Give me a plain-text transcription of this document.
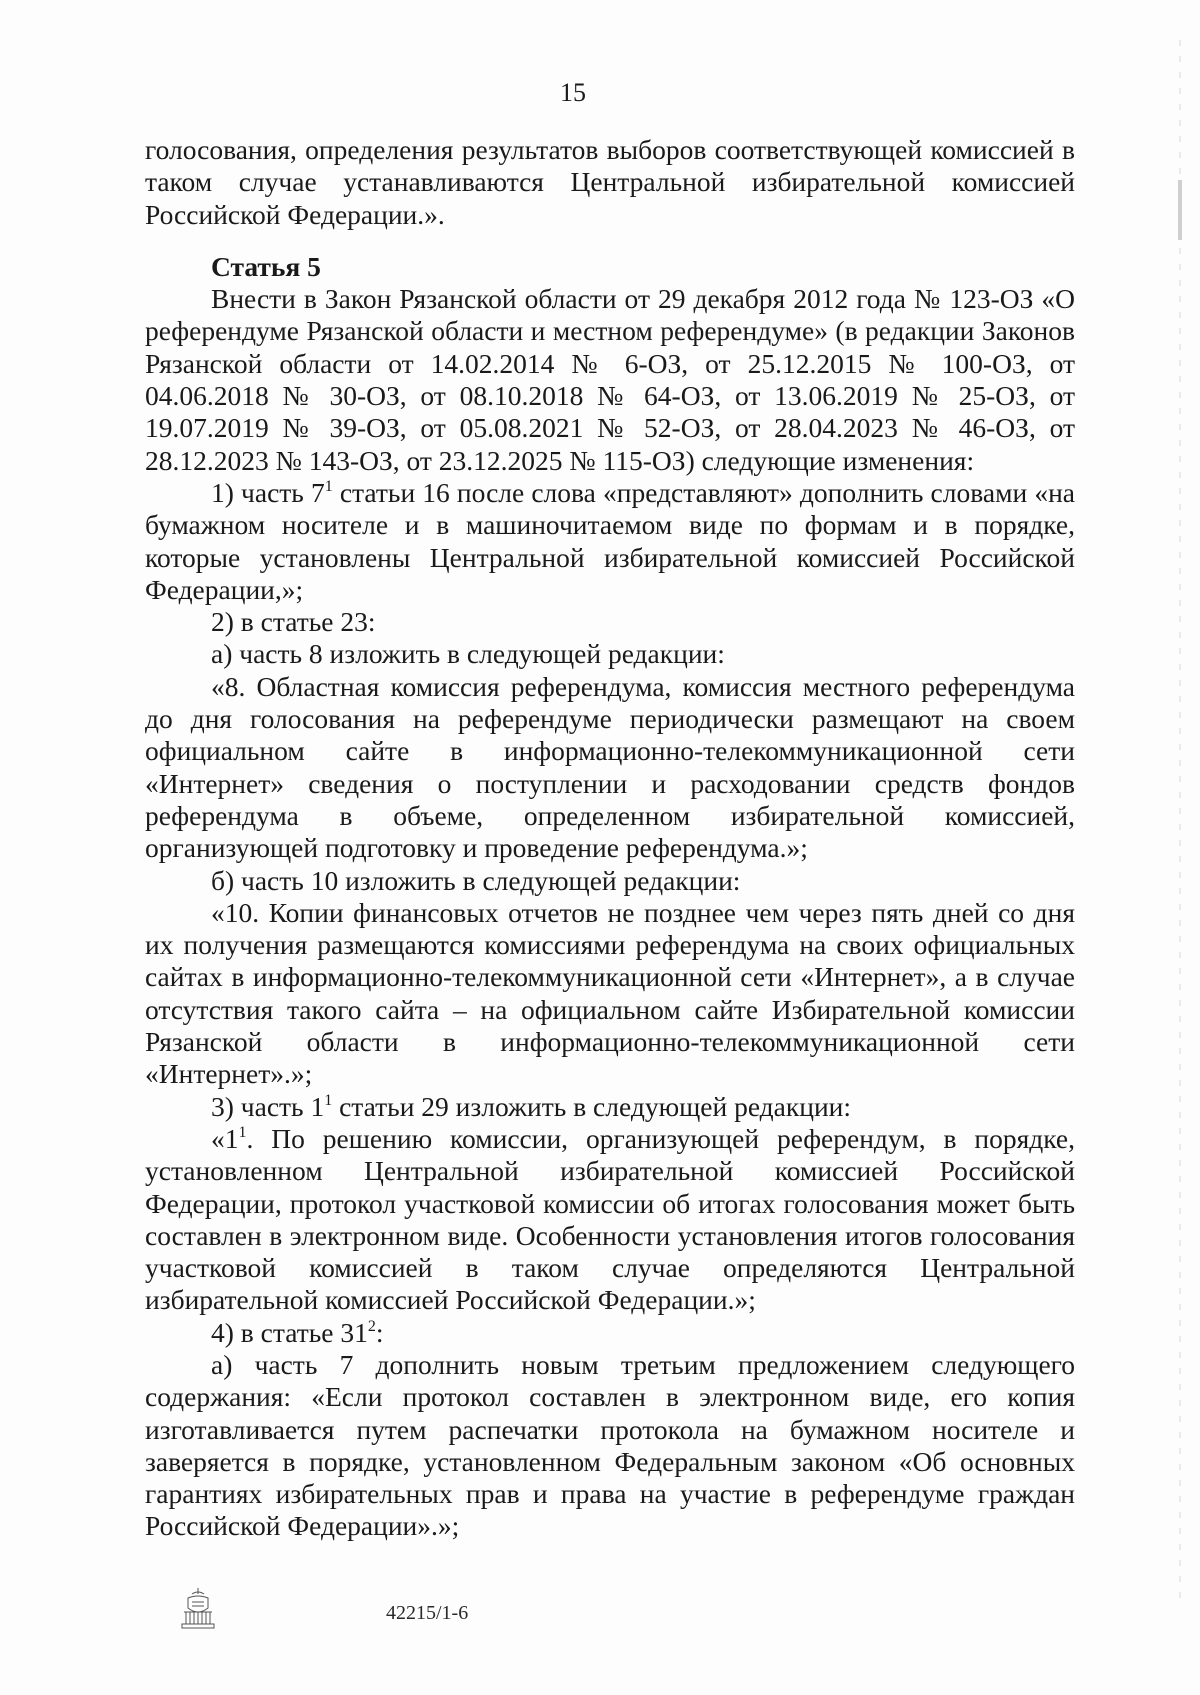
15

голосования, определения результатов выборов соответствующей комиссией в таком случае устанавливаются Центральной избирательной комиссией Российской Федерации.».

Статья 5

Внести в Закон Рязанской области от 29 декабря 2012 года № 123-ОЗ «О референдуме Рязанской области и местном референдуме» (в редакции Законов Рязанской области от 14.02.2014 № 6-ОЗ, от 25.12.2015 № 100-ОЗ, от 04.06.2018 № 30-ОЗ, от 08.10.2018 № 64-ОЗ, от 13.06.2019 № 25-ОЗ, от 19.07.2019 № 39-ОЗ, от 05.08.2021 № 52-ОЗ, от 28.04.2023 № 46-ОЗ, от 28.12.2023 № 143-ОЗ, от 23.12.2025 № 115-ОЗ) следующие изменения:

1) часть $7^1$ статьи 16 после слова «представляют» дополнить словами «на бумажном носителе и в машиночитаемом виде по формам и в порядке, которые установлены Центральной избирательной комиссией Российской Федерации,»;

2) в статье 23:

а) часть 8 изложить в следующей редакции:

«8. Областная комиссия референдума, комиссия местного референдума до дня голосования на референдуме периодически размещают на своем официальном сайте в информационно-телекоммуникационной сети «Интернет» сведения о поступлении и расходовании средств фондов референдума в объеме, определенном избирательной комиссией, организующей подготовку и проведение референдума.»;

б) часть 10 изложить в следующей редакции:

«10. Копии финансовых отчетов не позднее чем через пять дней со дня их получения размещаются комиссиями референдума на своих официальных сайтах в информационно-телекоммуникационной сети «Интернет», а в случае отсутствия такого сайта – на официальном сайте Избирательной комиссии Рязанской области в информационно-телекоммуникационной сети «Интернет».»;

3) часть $1^1$ статьи 29 изложить в следующей редакции:

«$1^1$. По решению комиссии, организующей референдум, в порядке, установленном Центральной избирательной комиссией Российской Федерации, протокол участковой комиссии об итогах голосования может быть составлен в электронном виде. Особенности установления итогов голосования участковой комиссией в таком случае определяются Центральной избирательной комиссией Российской Федерации.»;

4) в статье $31^2$:

а) часть 7 дополнить новым третьим предложением следующего содержания: «Если протокол составлен в электронном виде, его копия изготавливается путем распечатки протокола на бумажном носителе и заверяется в порядке, установленном Федеральным законом «Об основных гарантиях избирательных прав и права на участие в референдуме граждан Российской Федерации».»;

42215/1-6
